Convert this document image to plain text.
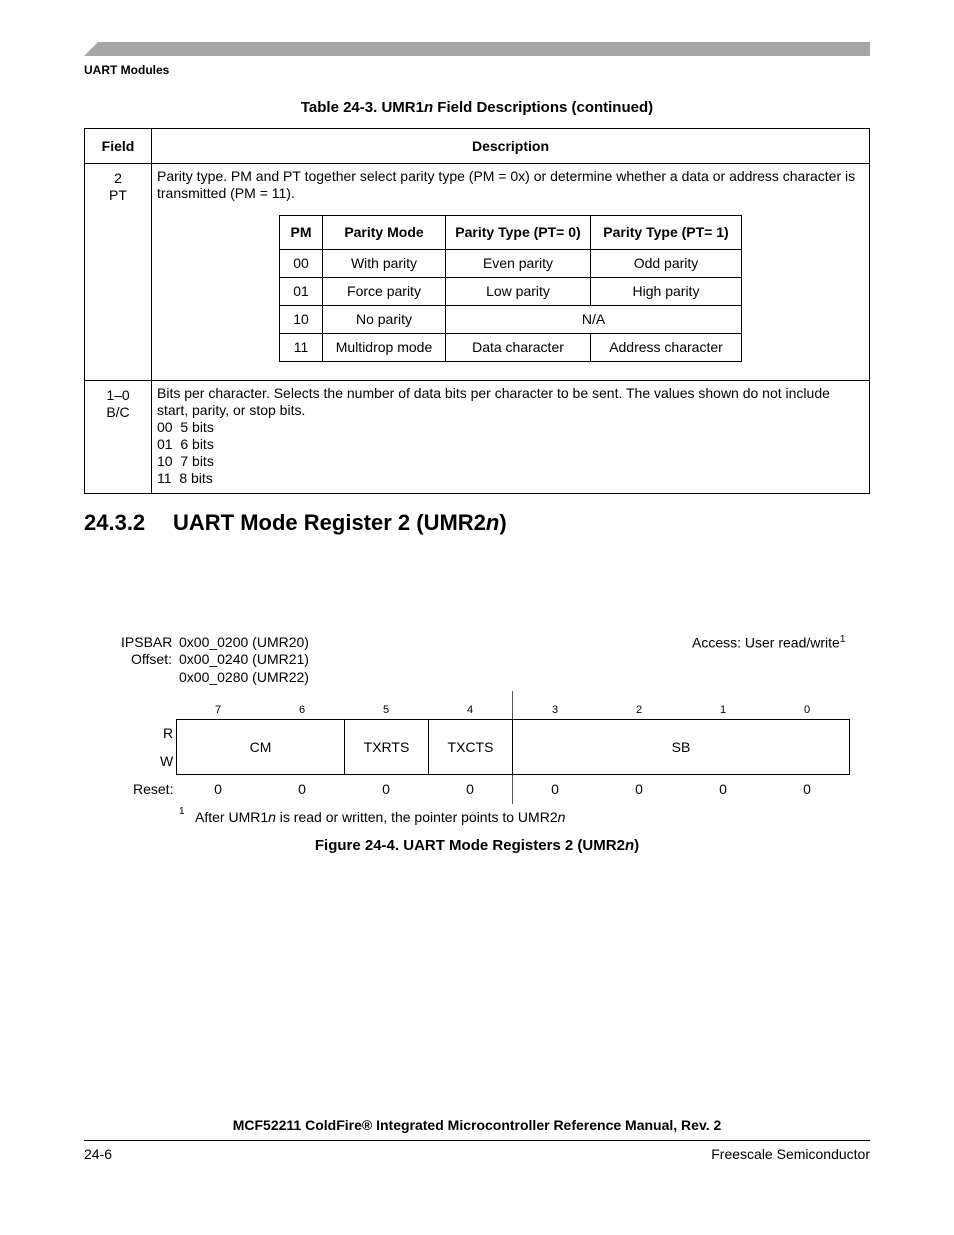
UART Modules
Table 24-3. UMR1n Field Descriptions (continued)
Field	Description

2
PT

Parity type. PM and PT together select parity type (PM = 0x) or determine whether a data or address character is transmitted (PM = 11).
PM	Parity Mode	Parity Type (PT= 0)	Parity Type (PT= 1)
00	With parity	Even parity	Odd parity
01	Force parity	Low parity	High parity
10	No parity	N/A
11	Multidrop mode	Data character	Address character

1–0
B/C

Bits per character. Selects the number of data bits per character to be sent. The values shown do not include start, parity, or stop bits.
00  5 bits
01  6 bits
10  7 bits
11  8 bits
24.3.2 UART Mode Register 2 (UMR2n)
IPSBAR
Offset:
0x00_0200 (UMR20)
0x00_0240 (UMR21)
0x00_0280 (UMR22)
Access: User read/write$^1$
7	6	5	4	3	2	1	0
R
W
CM	TXRTS	TXCTS	SB
Reset:	0	0	0	0	0	0	0	0
1 After UMR1n is read or written, the pointer points to UMR2n
Figure 24-4. UART Mode Registers 2 (UMR2n)
MCF52211 ColdFire® Integrated Microcontroller Reference Manual, Rev. 2
24-6	Freescale Semiconductor
